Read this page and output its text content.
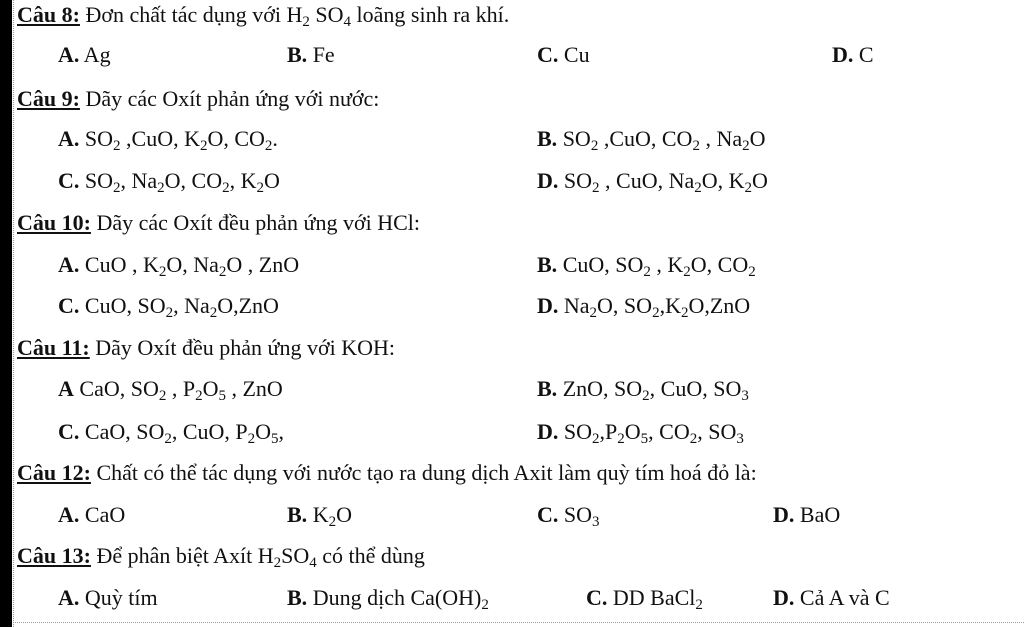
Câu 8: Đơn chất tác dụng với $H_2$ $SO_4$ loãng sinh ra khí.
A. Ag	B. Fe	C. Cu	D. C
Câu 9: Dãy các Oxít phản ứng với nước:
A. $SO_2$ ,CuO, $K_2O$, $CO_2$.	B. $SO_2$ ,CuO, $CO_2$ , $Na_2O$
C. $SO_2$, $Na_2O$, $CO_2$, $K_2O$	D. $SO_2$ , CuO, $Na_2O$, $K_2O$
Câu 10: Dãy các Oxít đều phản ứng với HCl:
A. CuO , $K_2O$, $Na_2O$ , ZnO	B. CuO, $SO_2$ , $K_2O$, $CO_2$
C. CuO, $SO_2$, $Na_2O,ZnO$	D. $Na_2O$, $SO_2,K_2O,ZnO$
Câu 11: Dãy Oxít đều phản ứng với KOH:
A CaO, $SO_2$ , $P_2O_5$ , ZnO	B. ZnO, $SO_2$, CuO, $SO_3$
C. CaO, $SO_2$, CuO, $P_2O_5$,	D. $SO_2,P_2O_5$, $CO_2$, $SO_3$
Câu 12: Chất có thể tác dụng với nước tạo ra dung dịch Axit làm quỳ tím hoá đỏ là:
A. CaO	B. $K_2O$	C. $SO_3$	D. BaO
Câu 13: Để phân biệt Axít $H_2SO_4$ có thể dùng
A. Quỳ tím	B. Dung dịch $Ca(OH)_2$	C. DD BaCl$_2$	D. Cả A và C
